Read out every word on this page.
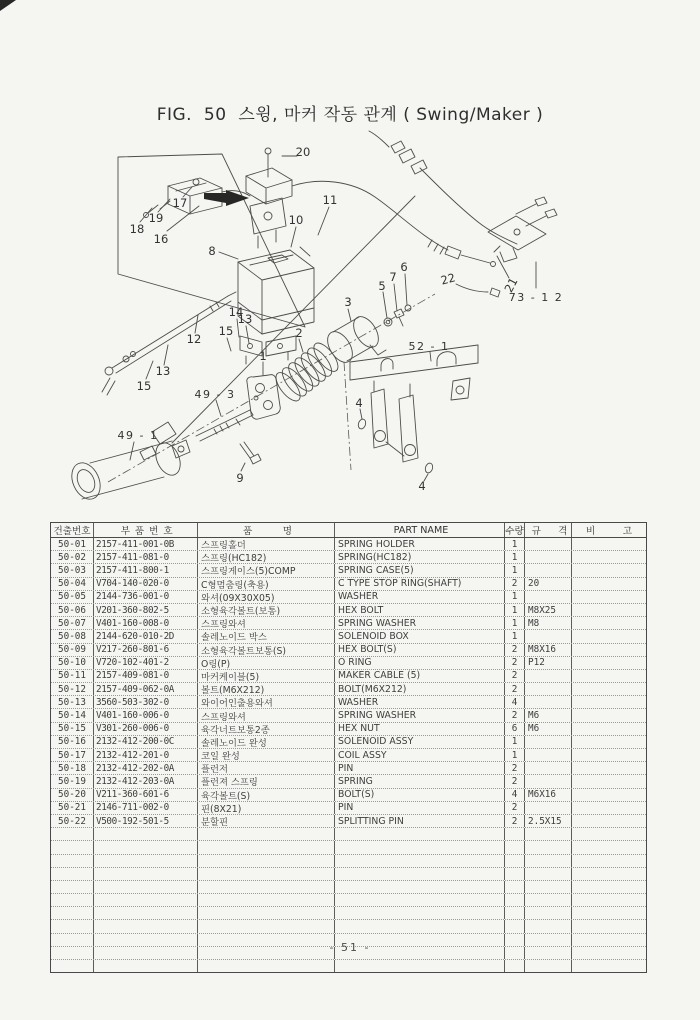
FIG.  50  스윙, 마커 작동 관계 ( Swing/Maker )
20
17
19
18
16
8
11
10
22	21
12
13
15
14
13
15	2
1
3
5
7
6
4
4
9
73 - 1 2
52 - 1
49 - 3
49 - 1
건출번호	부 품 번 호	품          명	PART NAME	수량 규   격	비         고
50-01	2157-411-001-0B	스프링홀더	SPRING HOLDER	1
50-02	2157-411-081-0	스프링(HC182)	SPRING(HC182)	1
50-03	2157-411-800-1	스프링게이스(5)COMP	SPRING CASE(5)	1
50-04	V704-140-020-0	C형멈춤링(축용)	C TYPE STOP RING(SHAFT)	2	20
50-05	2144-736-001-0	와셔(09X30X05)	WASHER	1
50-06	V201-360-802-5	소형육각볼트(보통)	HEX BOLT	1	M8X25
50-07	V401-160-008-0	스프링와셔	SPRING WASHER	1	M8
50-08	2144-620-010-2D	솔레노이드 박스	SOLENOID BOX	1
50-09	V217-260-801-6	소형육각볼트보통(S)	HEX BOLT(S)	2	M8X16
50-10	V720-102-401-2	O링(P)	O RING	2	P12
50-11	2157-409-081-0	마커케이블(5)	MAKER CABLE (5)	2
50-12	2157-409-062-0A	볼트(M6X212)	BOLT(M6X212)	2
50-13	3560-503-302-0	와이어인출용와셔	WASHER	4
50-14	V401-160-006-0	스프링와셔	SPRING WASHER	2	M6
50-15	V301-260-006-0	육각너트보통2종	HEX NUT	6	M6
50-16	2132-412-200-0C	솔레노이드 완성	SOLENOID ASSY	1
50-17	2132-412-201-0	코일 완성	COIL ASSY	1
50-18	2132-412-202-0A	플런저	PIN	2
50-19	2132-412-203-0A	플런져 스프링	SPRING	2
50-20	V211-360-601-6	육각볼트(S)	BOLT(S)	4	M6X16
50-21	2146-711-002-0	핀(8X21)	PIN	2
50-22	V500-192-501-5	분할핀	SPLITTING PIN	2	2.5X15
- 51 -
